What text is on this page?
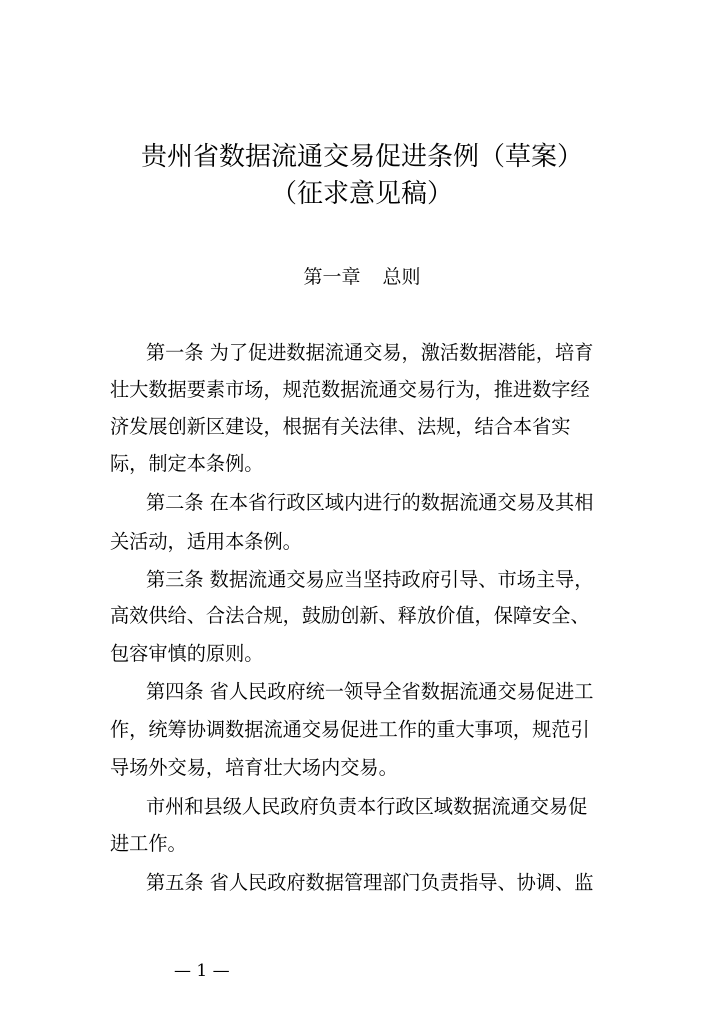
贵州省数据流通交易促进条例（草案）
（征求意见稿）
第一章 总则
第一条 为了促进数据流通交易，激活数据潜能，培育
壮大数据要素市场，规范数据流通交易行为，推进数字经
济发展创新区建设，根据有关法律、法规，结合本省实
际，制定本条例。
第二条 在本省行政区域内进行的数据流通交易及其相
关活动，适用本条例。
第三条 数据流通交易应当坚持政府引导、市场主导，
高效供给、合法合规，鼓励创新、释放价值，保障安全、
包容审慎的原则。
第四条 省人民政府统一领导全省数据流通交易促进工
作，统筹协调数据流通交易促进工作的重大事项，规范引
导场外交易，培育壮大场内交易。
市州和县级人民政府负责本行政区域数据流通交易促
进工作。
第五条 省人民政府数据管理部门负责指导、协调、监
— 1 —
